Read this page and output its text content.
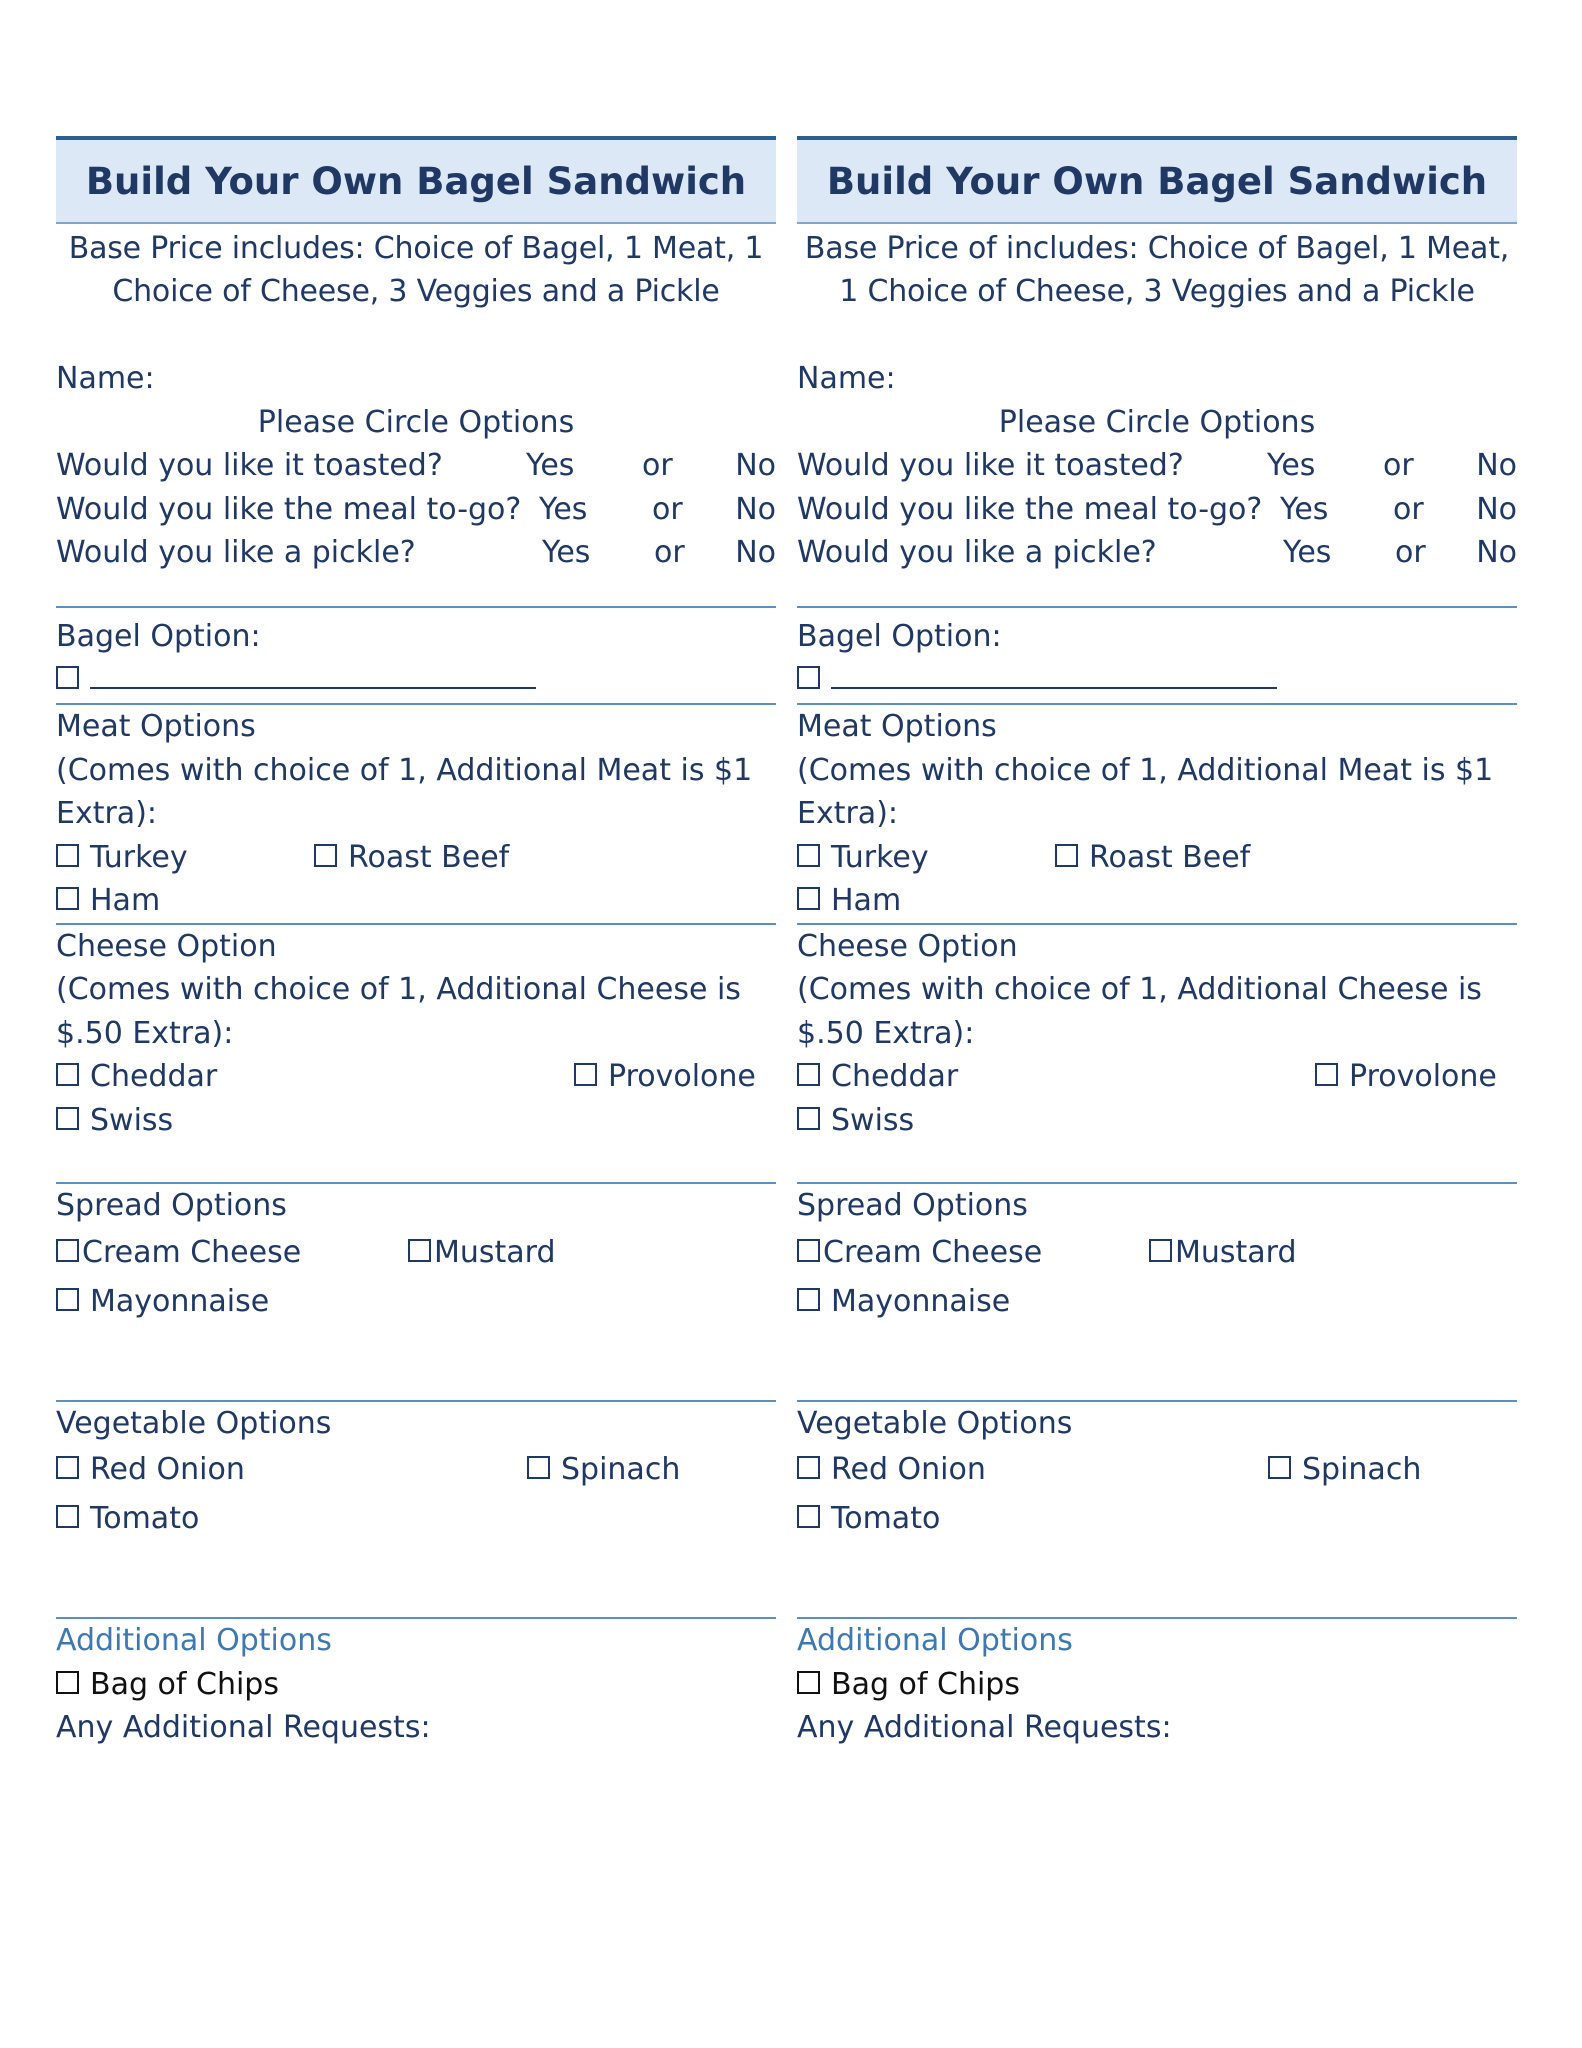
Build Your Own Bagel Sandwich
Base Price includes: Choice of Bagel, 1 Meat, 1
Choice of Cheese, 3 Veggies and a Pickle
Name:
Please Circle Options
Would you like it toasted?	Yes or No
Would you like the meal to-go? Yes or No
Would you like a pickle?	Yes or No
Bagel Option:
Meat Options
(Comes with choice of 1, Additional Meat is $1
Extra):
Turkey	Roast Beef
Ham
Cheese Option
(Comes with choice of 1, Additional Cheese is
$.50 Extra):
Cheddar	Provolone
Swiss
Spread Options
Cream Cheese	Mustard
Mayonnaise
Vegetable Options
Red Onion	Spinach
Tomato
Additional Options
Bag of Chips
Any Additional Requests:
Build Your Own Bagel Sandwich
Base Price of includes: Choice of Bagel, 1 Meat,
1 Choice of Cheese, 3 Veggies and a Pickle
Name:
Please Circle Options
Would you like it toasted?	Yes or No
Would you like the meal to-go? Yes or No
Would you like a pickle?	Yes or No
Bagel Option:
Meat Options
(Comes with choice of 1, Additional Meat is $1
Extra):
Turkey	Roast Beef
Ham
Cheese Option
(Comes with choice of 1, Additional Cheese is
$.50 Extra):
Cheddar	Provolone
Swiss
Spread Options
Cream Cheese	Mustard
Mayonnaise
Vegetable Options
Red Onion	Spinach
Tomato
Additional Options
Bag of Chips
Any Additional Requests:
